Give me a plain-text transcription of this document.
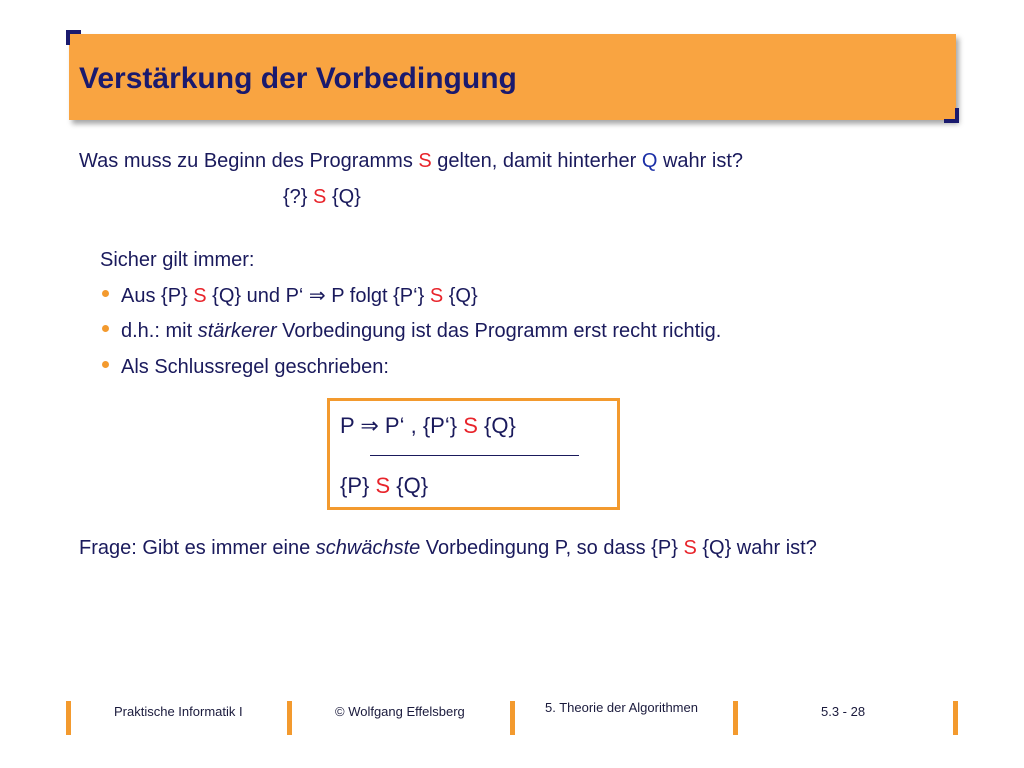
Verstärkung der Vorbedingung
Was muss zu Beginn des Programms S gelten, damit hinterher Q wahr ist?
{?} S {Q}
Sicher gilt immer:
Aus {P} S {Q} und P‘ ⇒ P folgt {P‘} S {Q}
d.h.: mit stärkerer Vorbedingung ist das Programm erst recht richtig.
Als Schlussregel geschrieben:
P ⇒ P‘ , {P‘} S {Q}
{P} S {Q}
Frage: Gibt es immer eine schwächste Vorbedingung P, so dass {P} S {Q} wahr ist?
Praktische Informatik I	© Wolfgang Effelsberg	5. Theorie der Algorithmen	5.3 - 28
